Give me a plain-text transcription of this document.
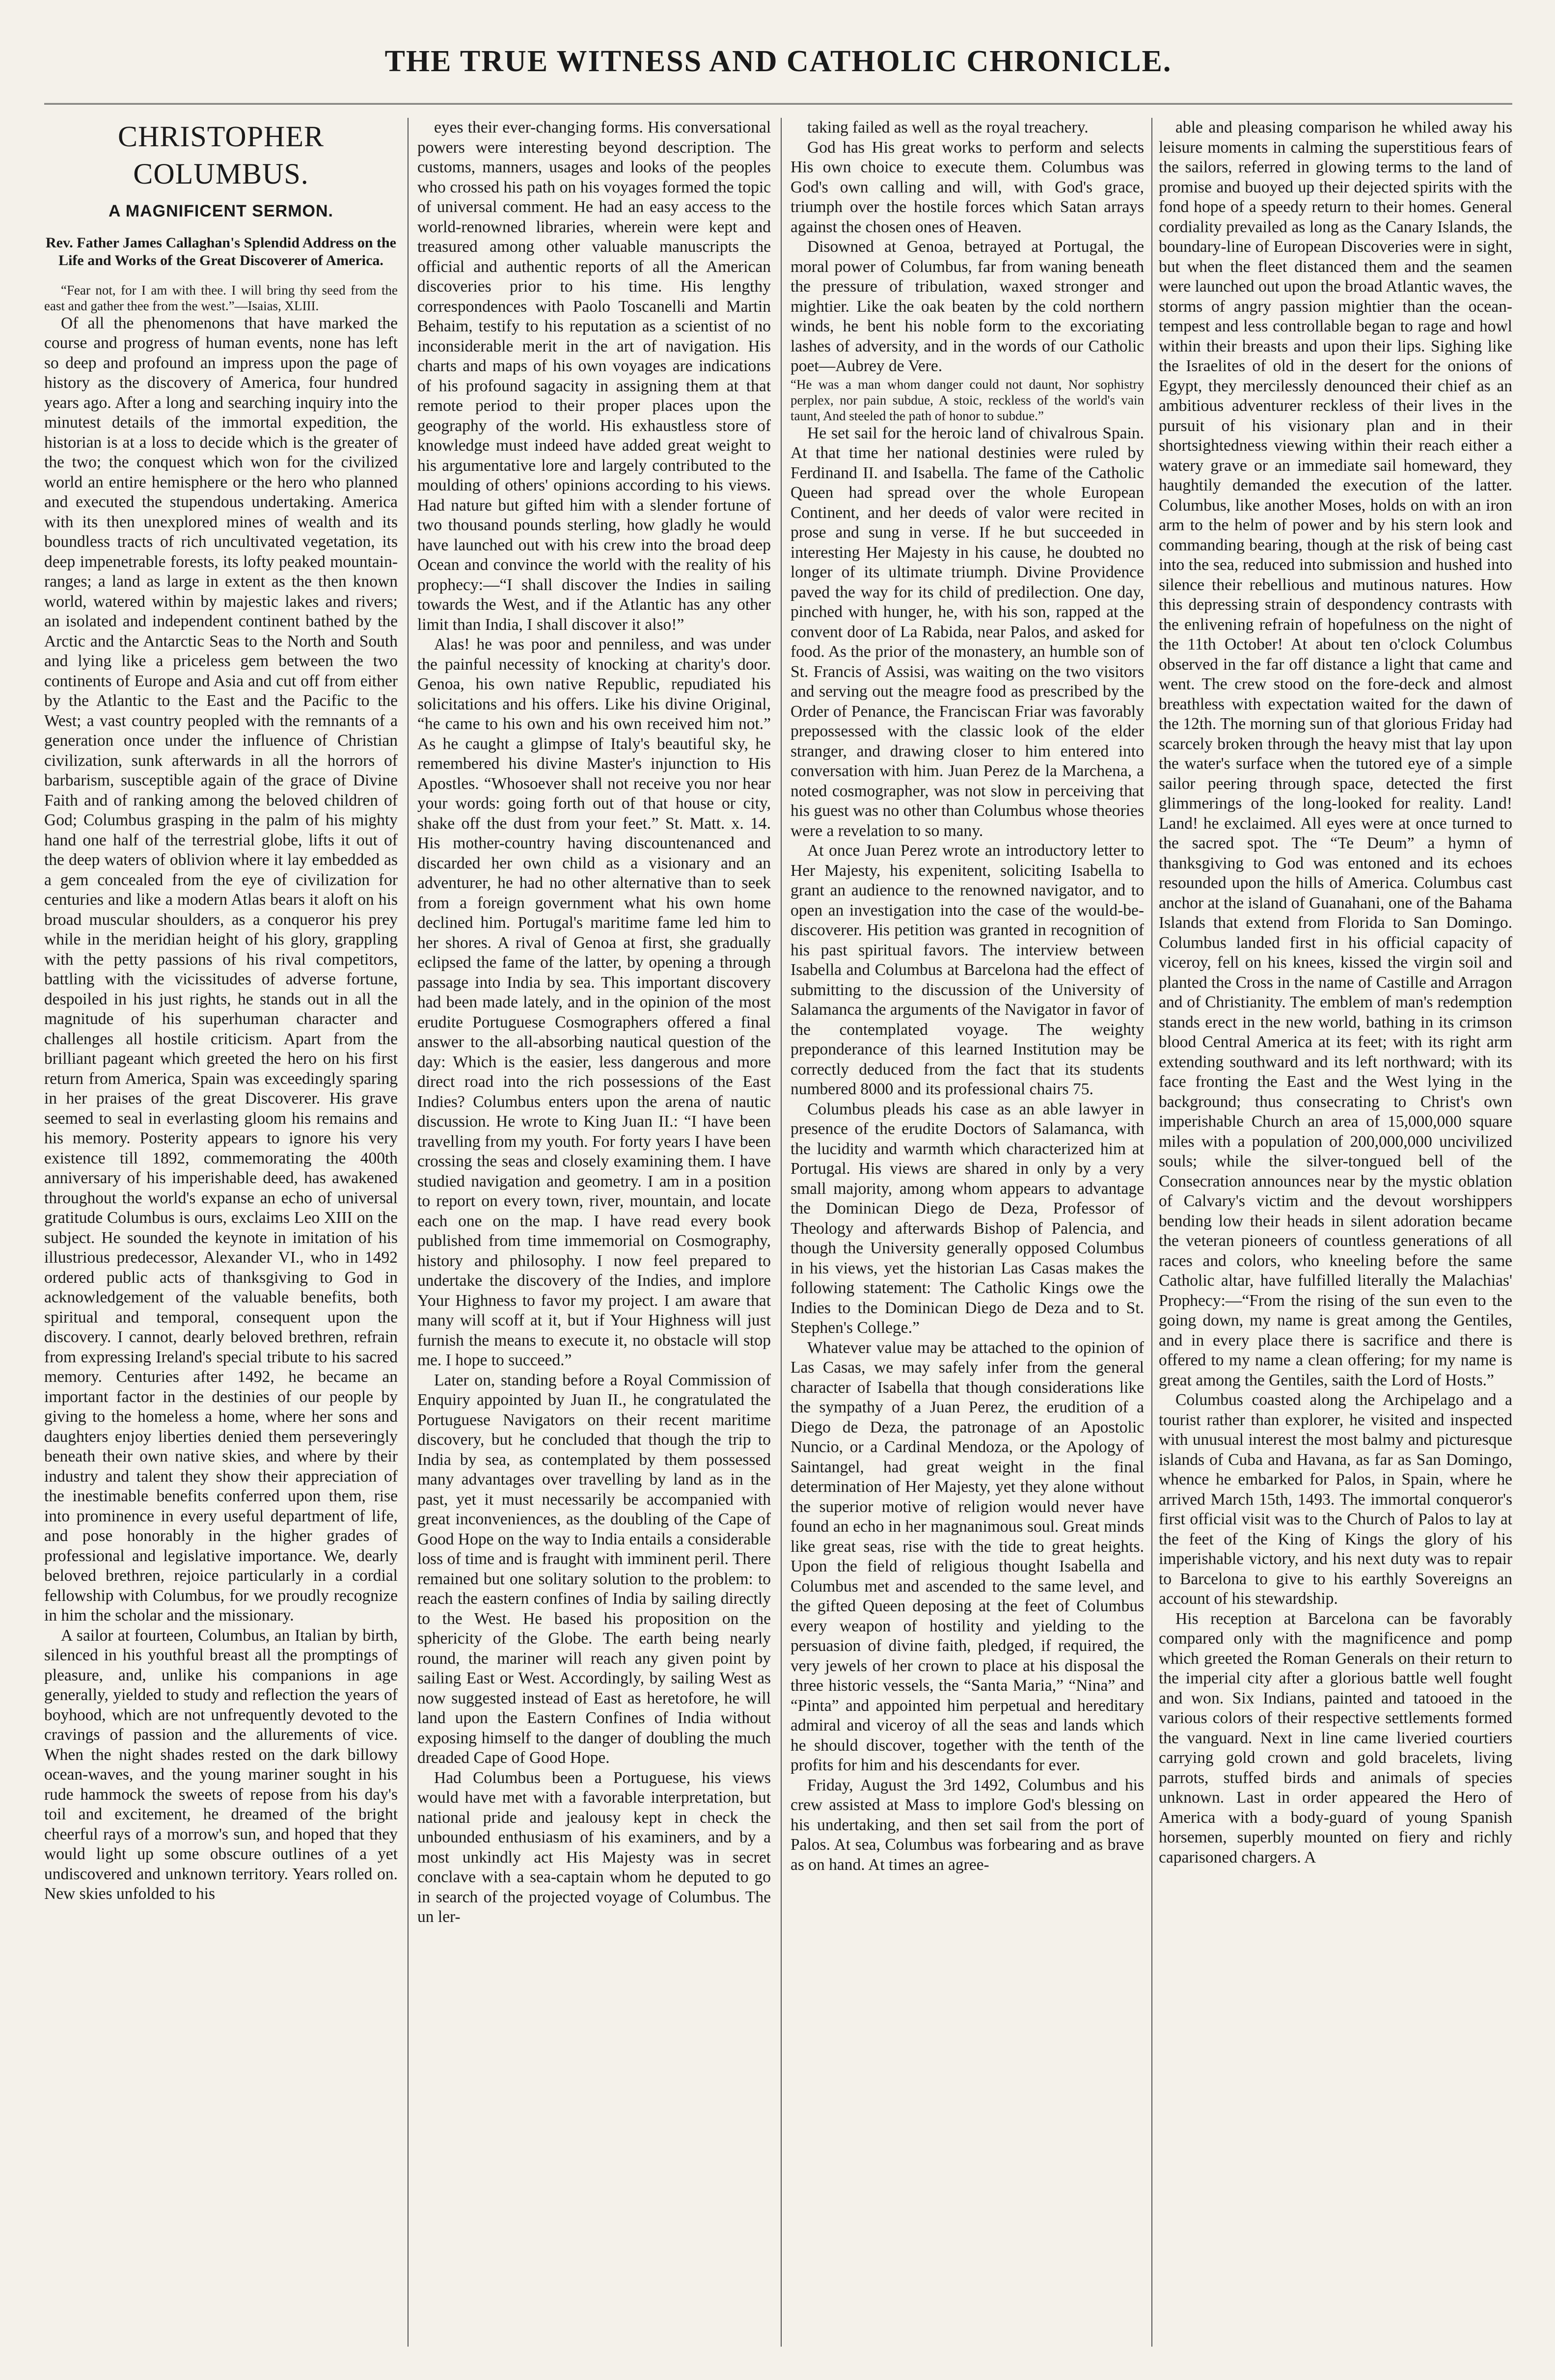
THE TRUE WITNESS AND CATHOLIC CHRONICLE.
CHRISTOPHER COLUMBUS.
A MAGNIFICENT SERMON.
Rev. Father James Callaghan's Splendid Address on the Life and Works of the Great Discoverer of America.

“Fear not, for I am with thee. I will bring thy seed from the east and gather thee from the west.”—Isaias, XLIII.

Of all the phenomenons that have marked the course and progress of human events, none has left so deep and profound an impress upon the page of history as the discovery of America, four hundred years ago. After a long and searching inquiry into the minutest details of the immortal expedition, the historian is at a loss to decide which is the greater of the two; the conquest which won for the civilized world an entire hemisphere or the hero who planned and executed the stupendous undertaking. America with its then unexplored mines of wealth and its boundless tracts of rich uncultivated vegetation, its deep impenetrable forests, its lofty peaked mountain-ranges; a land as large in extent as the then known world, watered within by majestic lakes and rivers; an isolated and independent continent bathed by the Arctic and the Antarctic Seas to the North and South and lying like a priceless gem between the two continents of Europe and Asia and cut off from either by the Atlantic to the East and the Pacific to the West; a vast country peopled with the remnants of a generation once under the influence of Christian civilization, sunk afterwards in all the horrors of barbarism, susceptible again of the grace of Divine Faith and of ranking among the beloved children of God; Columbus grasping in the palm of his mighty hand one half of the terrestrial globe, lifts it out of the deep waters of oblivion where it lay embedded as a gem concealed from the eye of civilization for centuries and like a modern Atlas bears it aloft on his broad muscular shoulders, as a conqueror his prey while in the meridian height of his glory, grappling with the petty passions of his rival competitors, battling with the vicissitudes of adverse fortune, despoiled in his just rights, he stands out in all the magnitude of his superhuman character and challenges all hostile criticism. Apart from the brilliant pageant which greeted the hero on his first return from America, Spain was exceedingly sparing in her praises of the great Discoverer. His grave seemed to seal in everlasting gloom his remains and his memory. Posterity appears to ignore his very existence till 1892, commemorating the 400th anniversary of his imperishable deed, has awakened throughout the world's expanse an echo of universal gratitude Columbus is ours, exclaims Leo XIII on the subject. He sounded the keynote in imitation of his illustrious predecessor, Alexander VI., who in 1492 ordered public acts of thanksgiving to God in acknowledgement of the valuable benefits, both spiritual and temporal, consequent upon the discovery. I cannot, dearly beloved brethren, refrain from expressing Ireland's special tribute to his sacred memory. Centuries after 1492, he became an important factor in the destinies of our people by giving to the homeless a home, where her sons and daughters enjoy liberties denied them perseveringly beneath their own native skies, and where by their industry and talent they show their appreciation of the inestimable benefits conferred upon them, rise into prominence in every useful department of life, and pose honorably in the higher grades of professional and legislative importance. We, dearly beloved brethren, rejoice particularly in a cordial fellowship with Columbus, for we proudly recognize in him the scholar and the missionary.

A sailor at fourteen, Columbus, an Italian by birth, silenced in his youthful breast all the promptings of pleasure, and, unlike his companions in age generally, yielded to study and reflection the years of boyhood, which are not unfrequently devoted to the cravings of passion and the allurements of vice. When the night shades rested on the dark billowy ocean-waves, and the young mariner sought in his rude hammock the sweets of repose from his day's toil and excitement, he dreamed of the bright cheerful rays of a morrow's sun, and hoped that they would light up some obscure outlines of a yet undiscovered and unknown territory. Years rolled on. New skies unfolded to his

eyes their ever-changing forms. His conversational powers were interesting beyond description. The customs, manners, usages and looks of the peoples who crossed his path on his voyages formed the topic of universal comment. He had an easy access to the world-renowned libraries, wherein were kept and treasured among other valuable manuscripts the official and authentic reports of all the American discoveries prior to his time. His lengthy correspondences with Paolo Toscanelli and Martin Behaim, testify to his reputation as a scientist of no inconsiderable merit in the art of navigation. His charts and maps of his own voyages are indications of his profound sagacity in assigning them at that remote period to their proper places upon the geography of the world. His exhaustless store of knowledge must indeed have added great weight to his argumentative lore and largely contributed to the moulding of others' opinions according to his views. Had nature but gifted him with a slender fortune of two thousand pounds sterling, how gladly he would have launched out with his crew into the broad deep Ocean and convince the world with the reality of his prophecy:—“I shall discover the Indies in sailing towards the West, and if the Atlantic has any other limit than India, I shall discover it also!”

Alas! he was poor and penniless, and was under the painful necessity of knocking at charity's door. Genoa, his own native Republic, repudiated his solicitations and his offers. Like his divine Original, “he came to his own and his own received him not.” As he caught a glimpse of Italy's beautiful sky, he remembered his divine Master's injunction to His Apostles. “Whosoever shall not receive you nor hear your words: going forth out of that house or city, shake off the dust from your feet.” St. Matt. x. 14. His mother-country having discountenanced and discarded her own child as a visionary and an adventurer, he had no other alternative than to seek from a foreign government what his own home declined him. Portugal's maritime fame led him to her shores. A rival of Genoa at first, she gradually eclipsed the fame of the latter, by opening a through passage into India by sea. This important discovery had been made lately, and in the opinion of the most erudite Portuguese Cosmographers offered a final answer to the all-absorbing nautical question of the day: Which is the easier, less dangerous and more direct road into the rich possessions of the East Indies? Columbus enters upon the arena of nautic discussion. He wrote to King Juan II.: “I have been travelling from my youth. For forty years I have been crossing the seas and closely examining them. I have studied navigation and geometry. I am in a position to report on every town, river, mountain, and locate each one on the map. I have read every book published from time immemorial on Cosmography, history and philosophy. I now feel prepared to undertake the discovery of the Indies, and implore Your Highness to favor my project. I am aware that many will scoff at it, but if Your Highness will just furnish the means to execute it, no obstacle will stop me. I hope to succeed.”

Later on, standing before a Royal Commission of Enquiry appointed by Juan II., he congratulated the Portuguese Navigators on their recent maritime discovery, but he concluded that though the trip to India by sea, as contemplated by them possessed many advantages over travelling by land as in the past, yet it must necessarily be accompanied with great inconveniences, as the doubling of the Cape of Good Hope on the way to India entails a considerable loss of time and is fraught with imminent peril. There remained but one solitary solution to the problem: to reach the eastern confines of India by sailing directly to the West. He based his proposition on the sphericity of the Globe. The earth being nearly round, the mariner will reach any given point by sailing East or West. Accordingly, by sailing West as now suggested instead of East as heretofore, he will land upon the Eastern Confines of India without exposing himself to the danger of doubling the much dreaded Cape of Good Hope.

Had Columbus been a Portuguese, his views would have met with a favorable interpretation, but national pride and jealousy kept in check the unbounded enthusiasm of his examiners, and by a most unkindly act His Majesty was in secret conclave with a sea-captain whom he deputed to go in search of the projected voyage of Columbus. The un ler-

taking failed as well as the royal treachery.

God has His great works to perform and selects His own choice to execute them. Columbus was God's own calling and will, with God's grace, triumph over the hostile forces which Satan arrays against the chosen ones of Heaven.

Disowned at Genoa, betrayed at Portugal, the moral power of Columbus, far from waning beneath the pressure of tribulation, waxed stronger and mightier. Like the oak beaten by the cold northern winds, he bent his noble form to the excoriating lashes of adversity, and in the words of our Catholic poet—Aubrey de Vere.

“He was a man whom danger could not daunt, Nor sophistry perplex, nor pain subdue, A stoic, reckless of the world's vain taunt, And steeled the path of honor to subdue.”

He set sail for the heroic land of chivalrous Spain. At that time her national destinies were ruled by Ferdinand II. and Isabella. The fame of the Catholic Queen had spread over the whole European Continent, and her deeds of valor were recited in prose and sung in verse. If he but succeeded in interesting Her Majesty in his cause, he doubted no longer of its ultimate triumph. Divine Providence paved the way for its child of predilection. One day, pinched with hunger, he, with his son, rapped at the convent door of La Rabida, near Palos, and asked for food. As the prior of the monastery, an humble son of St. Francis of Assisi, was waiting on the two visitors and serving out the meagre food as prescribed by the Order of Penance, the Franciscan Friar was favorably prepossessed with the classic look of the elder stranger, and drawing closer to him entered into conversation with him. Juan Perez de la Marchena, a noted cosmographer, was not slow in perceiving that his guest was no other than Columbus whose theories were a revelation to so many.

At once Juan Perez wrote an introductory letter to Her Majesty, his expenitent, soliciting Isabella to grant an audience to the renowned navigator, and to open an investigation into the case of the would-be-discoverer. His petition was granted in recognition of his past spiritual favors. The interview between Isabella and Columbus at Barcelona had the effect of submitting to the discussion of the University of Salamanca the arguments of the Navigator in favor of the contemplated voyage. The weighty preponderance of this learned Institution may be correctly deduced from the fact that its students numbered 8000 and its professional chairs 75.

Columbus pleads his case as an able lawyer in presence of the erudite Doctors of Salamanca, with the lucidity and warmth which characterized him at Portugal. His views are shared in only by a very small majority, among whom appears to advantage the Dominican Diego de Deza, Professor of Theology and afterwards Bishop of Palencia, and though the University generally opposed Columbus in his views, yet the historian Las Casas makes the following statement: The Catholic Kings owe the Indies to the Dominican Diego de Deza and to St. Stephen's College.”

Whatever value may be attached to the opinion of Las Casas, we may safely infer from the general character of Isabella that though considerations like the sympathy of a Juan Perez, the erudition of a Diego de Deza, the patronage of an Apostolic Nuncio, or a Cardinal Mendoza, or the Apology of Saintangel, had great weight in the final determination of Her Majesty, yet they alone without the superior motive of religion would never have found an echo in her magnanimous soul. Great minds like great seas, rise with the tide to great heights. Upon the field of religious thought Isabella and Columbus met and ascended to the same level, and the gifted Queen deposing at the feet of Columbus every weapon of hostility and yielding to the persuasion of divine faith, pledged, if required, the very jewels of her crown to place at his disposal the three historic vessels, the “Santa Maria,” “Nina” and “Pinta” and appointed him perpetual and hereditary admiral and viceroy of all the seas and lands which he should discover, together with the tenth of the profits for him and his descendants for ever.

Friday, August the 3rd 1492, Columbus and his crew assisted at Mass to implore God's blessing on his undertaking, and then set sail from the port of Palos. At sea, Columbus was forbearing and as brave as on hand. At times an agree-

able and pleasing comparison he whiled away his leisure moments in calming the superstitious fears of the sailors, referred in glowing terms to the land of promise and buoyed up their dejected spirits with the fond hope of a speedy return to their homes. General cordiality prevailed as long as the Canary Islands, the boundary-line of European Discoveries were in sight, but when the fleet distanced them and the seamen were launched out upon the broad Atlantic waves, the storms of angry passion mightier than the ocean-tempest and less controllable began to rage and howl within their breasts and upon their lips. Sighing like the Israelites of old in the desert for the onions of Egypt, they mercilessly denounced their chief as an ambitious adventurer reckless of their lives in the pursuit of his visionary plan and in their shortsightedness viewing within their reach either a watery grave or an immediate sail homeward, they haughtily demanded the execution of the latter. Columbus, like another Moses, holds on with an iron arm to the helm of power and by his stern look and commanding bearing, though at the risk of being cast into the sea, reduced into submission and hushed into silence their rebellious and mutinous natures. How this depressing strain of despondency contrasts with the enlivening refrain of hopefulness on the night of the 11th October! At about ten o'clock Columbus observed in the far off distance a light that came and went. The crew stood on the fore-deck and almost breathless with expectation waited for the dawn of the 12th. The morning sun of that glorious Friday had scarcely broken through the heavy mist that lay upon the water's surface when the tutored eye of a simple sailor peering through space, detected the first glimmerings of the long-looked for reality. Land! Land! he exclaimed. All eyes were at once turned to the sacred spot. The “Te Deum” a hymn of thanksgiving to God was entoned and its echoes resounded upon the hills of America. Columbus cast anchor at the island of Guanahani, one of the Bahama Islands that extend from Florida to San Domingo. Columbus landed first in his official capacity of viceroy, fell on his knees, kissed the virgin soil and planted the Cross in the name of Castille and Arragon and of Christianity. The emblem of man's redemption stands erect in the new world, bathing in its crimson blood Central America at its feet; with its right arm extending southward and its left northward; with its face fronting the East and the West lying in the background; thus consecrating to Christ's own imperishable Church an area of 15,000,000 square miles with a population of 200,000,000 uncivilized souls; while the silver-tongued bell of the Consecration announces near by the mystic oblation of Calvary's victim and the devout worshippers bending low their heads in silent adoration became the veteran pioneers of countless generations of all races and colors, who kneeling before the same Catholic altar, have fulfilled literally the Malachias' Prophecy:—“From the rising of the sun even to the going down, my name is great among the Gentiles, and in every place there is sacrifice and there is offered to my name a clean offering; for my name is great among the Gentiles, saith the Lord of Hosts.”

Columbus coasted along the Archipelago and a tourist rather than explorer, he visited and inspected with unusual interest the most balmy and picturesque islands of Cuba and Havana, as far as San Domingo, whence he embarked for Palos, in Spain, where he arrived March 15th, 1493. The immortal conqueror's first official visit was to the Church of Palos to lay at the feet of the King of Kings the glory of his imperishable victory, and his next duty was to repair to Barcelona to give to his earthly Sovereigns an account of his stewardship.

His reception at Barcelona can be favorably compared only with the magnificence and pomp which greeted the Roman Generals on their return to the imperial city after a glorious battle well fought and won. Six Indians, painted and tatooed in the various colors of their respective settlements formed the vanguard. Next in line came liveried courtiers carrying gold crown and gold bracelets, living parrots, stuffed birds and animals of species unknown. Last in order appeared the Hero of America with a body-guard of young Spanish horsemen, superbly mounted on fiery and richly caparisoned chargers. A
